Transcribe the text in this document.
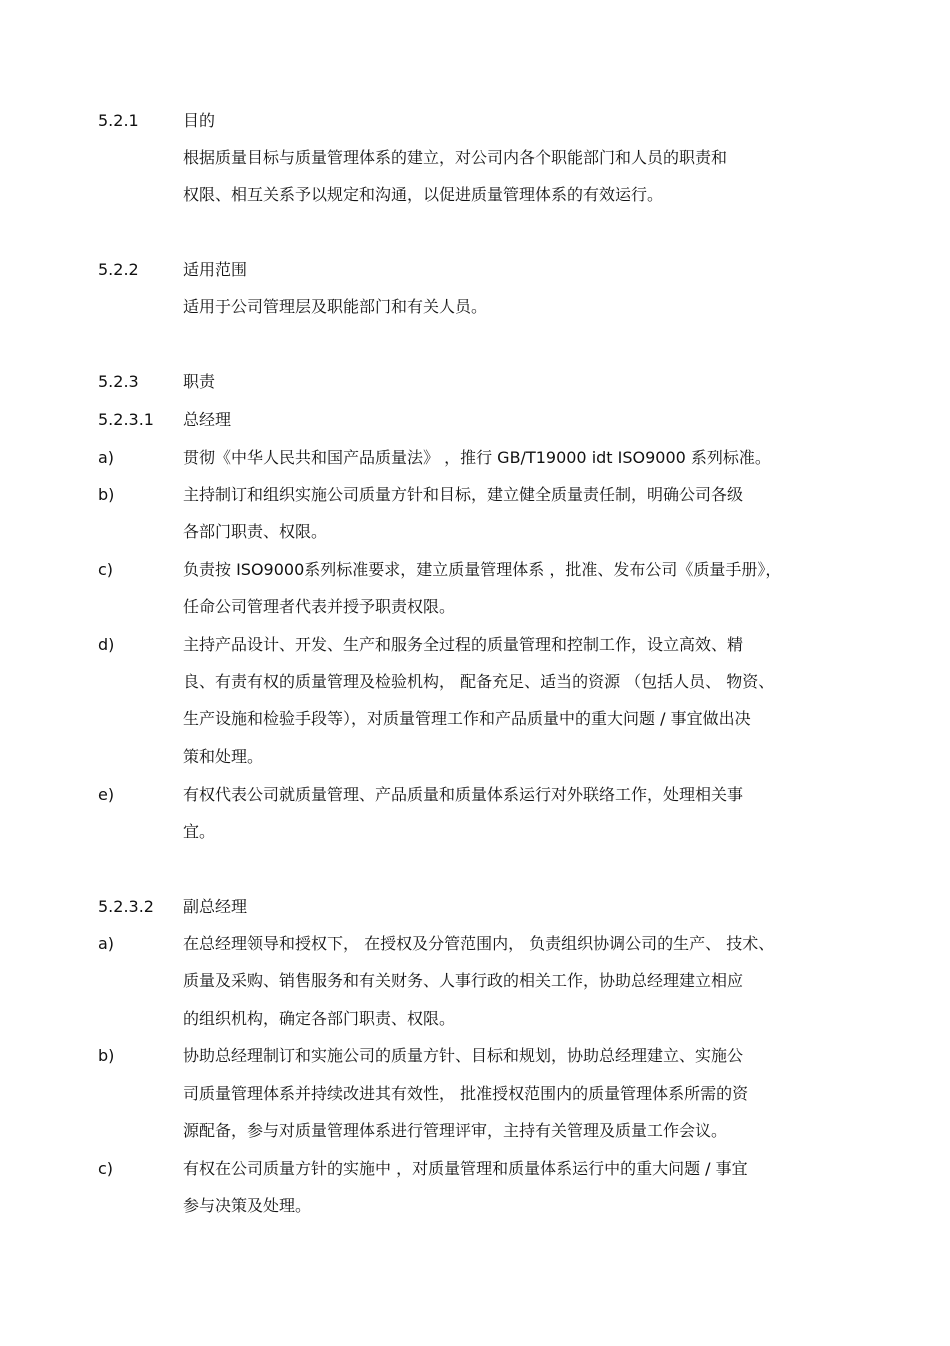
5.2.1	目的
根据质量目标与质量管理体系的建立，对公司内各个职能部门和人员的职责和
权限、相互关系予以规定和沟通，以促进质量管理体系的有效运行。
5.2.2	适用范围
适用于公司管理层及职能部门和有关人员。
5.2.3	职责
5.2.3.1 总经理
a)	贯彻《中华人民共和国产品质量法》 ，推行 GB/T19000 idt ISO9000 系列标准。
b)	主持制订和组织实施公司质量方针和目标，建立健全质量责任制，明确公司各级
各部门职责、权限。
c)	负责按 ISO9000系列标准要求，建立质量管理体系 ，批准、发布公司《质量手册》，
任命公司管理者代表并授予职责权限。
d)	主持产品设计、开发、生产和服务全过程的质量管理和控制工作，设立高效、精
良、有责有权的质量管理及检验机构， 配备充足、适当的资源 （包括人员、 物资、
生产设施和检验手段等），对质量管理工作和产品质量中的重大问题 / 事宜做出决
策和处理。
e)	有权代表公司就质量管理、产品质量和质量体系运行对外联络工作，处理相关事
宜。
5.2.3.2 副总经理
a)	在总经理领导和授权下， 在授权及分管范围内， 负责组织协调公司的生产、 技术、
质量及采购、销售服务和有关财务、人事行政的相关工作，协助总经理建立相应
的组织机构，确定各部门职责、权限。
b)	协助总经理制订和实施公司的质量方针、目标和规划，协助总经理建立、实施公
司质量管理体系并持续改进其有效性， 批准授权范围内的质量管理体系所需的资
源配备，参与对质量管理体系进行管理评审，主持有关管理及质量工作会议。
c)	有权在公司质量方针的实施中 ，对质量管理和质量体系运行中的重大问题 / 事宜
参与决策及处理。
